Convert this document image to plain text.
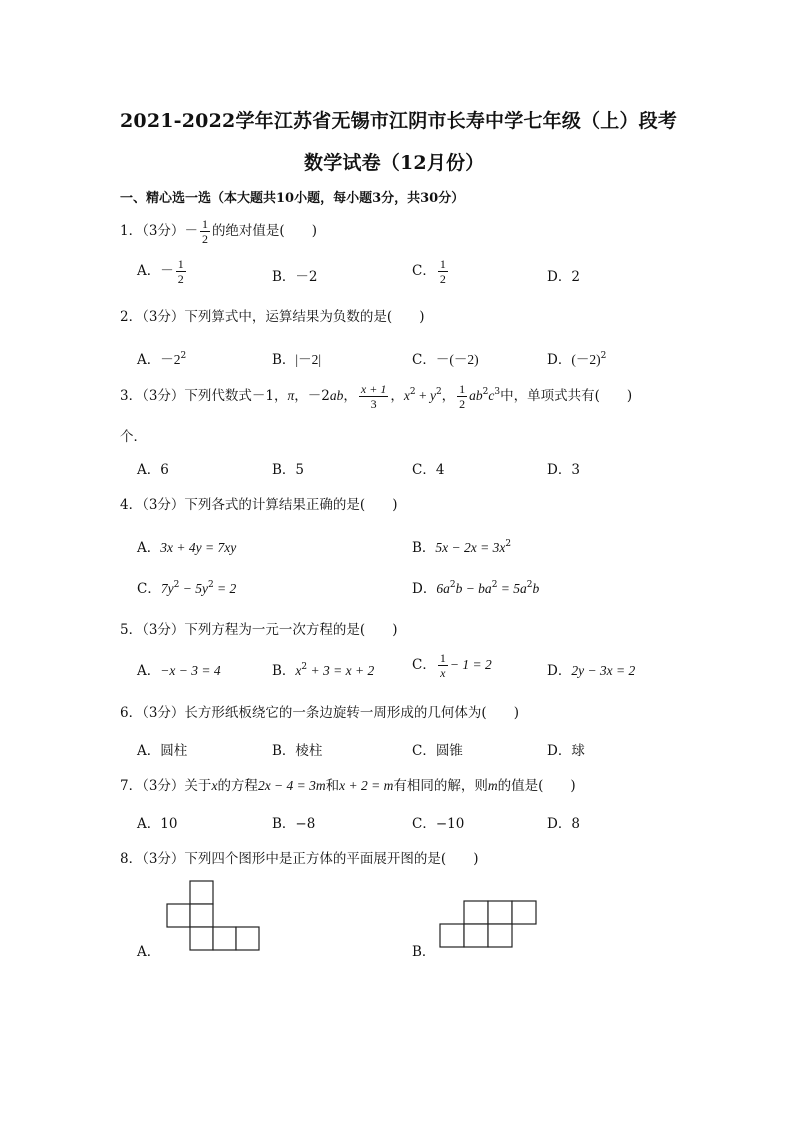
2021-2022学年江苏省无锡市江阴市长寿中学七年级（上）段考
数学试卷（12月份）
一、精心选一选（本大题共10小题，每小题3分，共30分）
1．（3分）－ $\frac{1}{2}$ 的绝对值是(　　)
A．－ $\frac{1}{2}$	B．－2	C． $\frac{1}{2}$	D．2
2．（3分）下列算式中，运算结果为负数的是(　　)
A．$-2^2$	B．|－2|	C．－(－2)	D．$(-2)^2$
3．（3分）下列代数式－1，π，－2ab， $\frac{x + 1}{3}$ ，$x^2 + y^2$， $\frac{1}{2} ab^2c^3$中，单项式共有(　　)
个．
A．6	B．5	C．4	D．3
4．（3分）下列各式的计算结果正确的是(　　)
A．3x + 4y = 7xy	B．$5x - 2x = 3x^2$
C．$7y^2 - 5y^2 = 2$	D．$6a^2b - ba^2 = 5a^2b$
5．（3分）下列方程为一元一次方程的是(　　)
A．−x − 3 = 4	B．$x^2 + 3 = x + 2$	C． $\frac{1}{x} - 1 = 2$	D．2y − 3x = 2
6．（3分）长方形纸板绕它的一条边旋转一周形成的几何体为(　　)
A．圆柱	B．棱柱	C．圆锥	D．球
7．（3分）关于x的方程2x − 4 = 3m和x + 2 = m有相同的解，则m的值是(　　)
A．10	B．−8	C．−10	D．8
8．（3分）下列四个图形中是正方体的平面展开图的是(　　)
A．	B．
